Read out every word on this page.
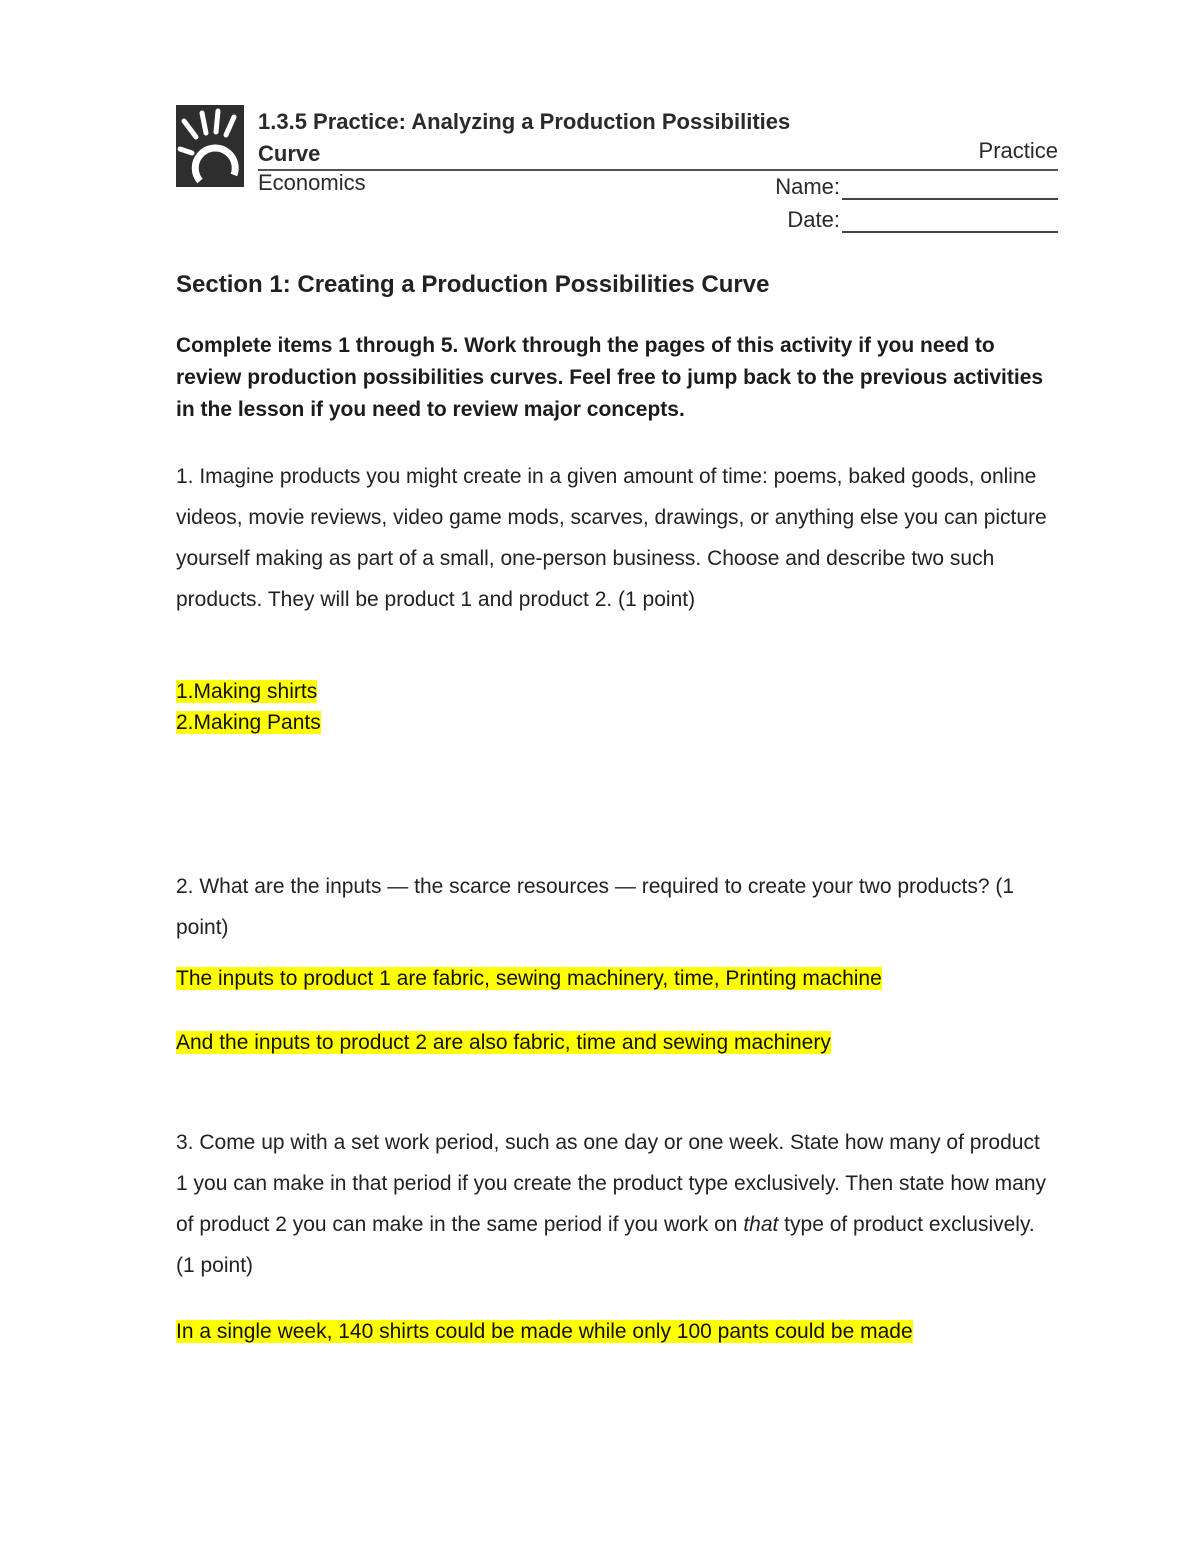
1.3.5 Practice: Analyzing a Production Possibilities
Curve	Practice
Economics	Name:
Date:
Section 1: Creating a Production Possibilities Curve
Complete items 1 through 5. Work through the pages of this activity if you need to review production possibilities curves. Feel free to jump back to the previous activities in the lesson if you need to review major concepts.
1. Imagine products you might create in a given amount of time: poems, baked goods, online videos, movie reviews, video game mods, scarves, drawings, or anything else you can picture yourself making as part of a small, one-person business. Choose and describe two such products. They will be product 1 and product 2. (1 point)
1.Making shirts
2.Making Pants
2. What are the inputs — the scarce resources — required to create your two products? (1 point)
The inputs to product 1 are fabric, sewing machinery, time, Printing machine
And the inputs to product 2 are also fabric, time and sewing machinery
3. Come up with a set work period, such as one day or one week. State how many of product 1 you can make in that period if you create the product type exclusively. Then state how many of product 2 you can make in the same period if you work on that type of product exclusively. (1 point)
In a single week, 140 shirts could be made while only 100 pants could be made
